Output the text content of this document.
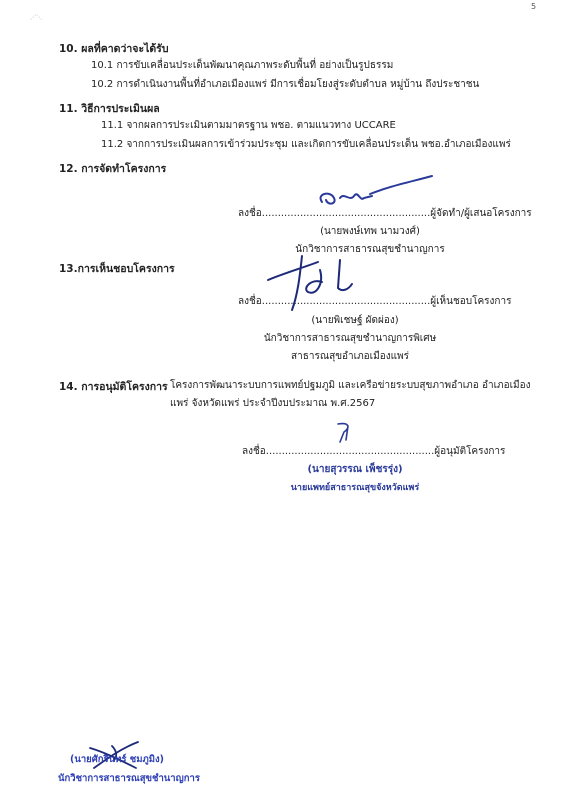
5
⋰⋱
10. ผลที่คาดว่าจะได้รับ
10.1 การขับเคลื่อนประเด็นพัฒนาคุณภาพระดับพื้นที่ อย่างเป็นรูปธรรม
10.2 การดำเนินงานพื้นที่อำเภอเมืองแพร่ มีการเชื่อมโยงสู่ระดับตำบล หมู่บ้าน ถึงประชาชน
11. วิธีการประเมินผล
11.1 จากผลการประเมินตามมาตรฐาน พชอ. ตามแนวทาง UCCARE
11.2 จากการประเมินผลการเข้าร่วมประชุม และเกิดการขับเคลื่อนประเด็น พชอ.อำเภอเมืองแพร่
12. การจัดทำโครงการ
ลงชื่อ.....................................................ผู้จัดทำ/ผู้เสนอโครงการ
(นายพงษ์เทพ นามวงศ์)
นักวิชาการสาธารณสุขชำนาญการ
13.การเห็นชอบโครงการ
ลงชื่อ.....................................................ผู้เห็นชอบโครงการ
(นายพิเชษฐ์ ผัดผ่อง)
นักวิชาการสาธารณสุขชำนาญการพิเศษ
สาธารณสุขอำเภอเมืองแพร่
14. การอนุมัติโครงการ โครงการพัฒนาระบบการแพทย์ปฐมภูมิ และเครือข่ายระบบสุขภาพอำเภอ อำเภอเมือง
แพร่ จังหวัดแพร่ ประจำปีงบประมาณ พ.ศ.2567
ลงชื่อ.....................................................ผู้อนุมัติโครงการ
(นายสุวรรณ เพ็ชรรุ่ง)
นายแพทย์สาธารณสุขจังหวัดแพร่
(นายศักรินทร์ ชมภูมิง)
นักวิชาการสาธารณสุขชำนาญการ
